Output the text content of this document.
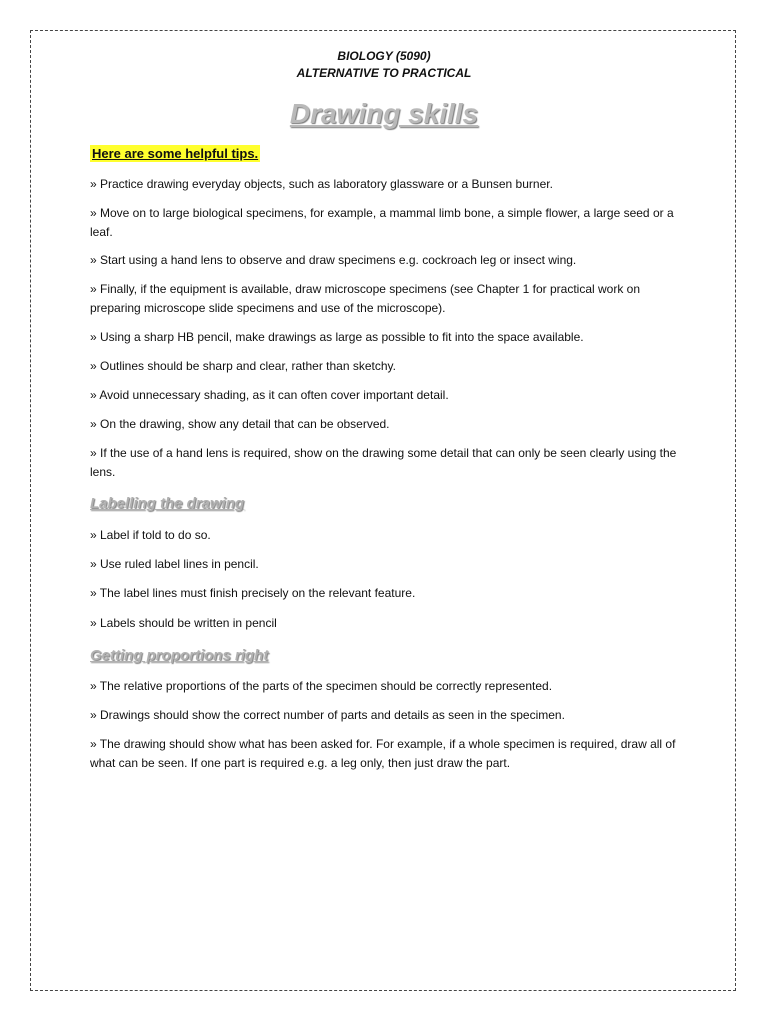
BIOLOGY (5090)
ALTERNATIVE TO PRACTICAL
Drawing skills
Here are some helpful tips.

» Practice drawing everyday objects, such as laboratory glassware or a Bunsen burner.

» Move on to large biological specimens, for example, a mammal limb bone, a simple flower, a large seed or a leaf.

» Start using a hand lens to observe and draw specimens e.g. cockroach leg or insect wing.

» Finally, if the equipment is available, draw microscope specimens (see Chapter 1 for practical work on preparing microscope slide specimens and use of the microscope).

» Using a sharp HB pencil, make drawings as large as possible to fit into the space available.

» Outlines should be sharp and clear, rather than sketchy.

» Avoid unnecessary shading, as it can often cover important detail.

» On the drawing, show any detail that can be observed.

» If the use of a hand lens is required, show on the drawing some detail that can only be seen clearly using the lens.

Labelling the drawing

» Label if told to do so.

» Use ruled label lines in pencil.

» The label lines must finish precisely on the relevant feature.

» Labels should be written in pencil

Getting proportions right

» The relative proportions of the parts of the specimen should be correctly represented.

» Drawings should show the correct number of parts and details as seen in the specimen.

» The drawing should show what has been asked for. For example, if a whole specimen is required, draw all of what can be seen. If one part is required e.g. a leg only, then just draw the part.
